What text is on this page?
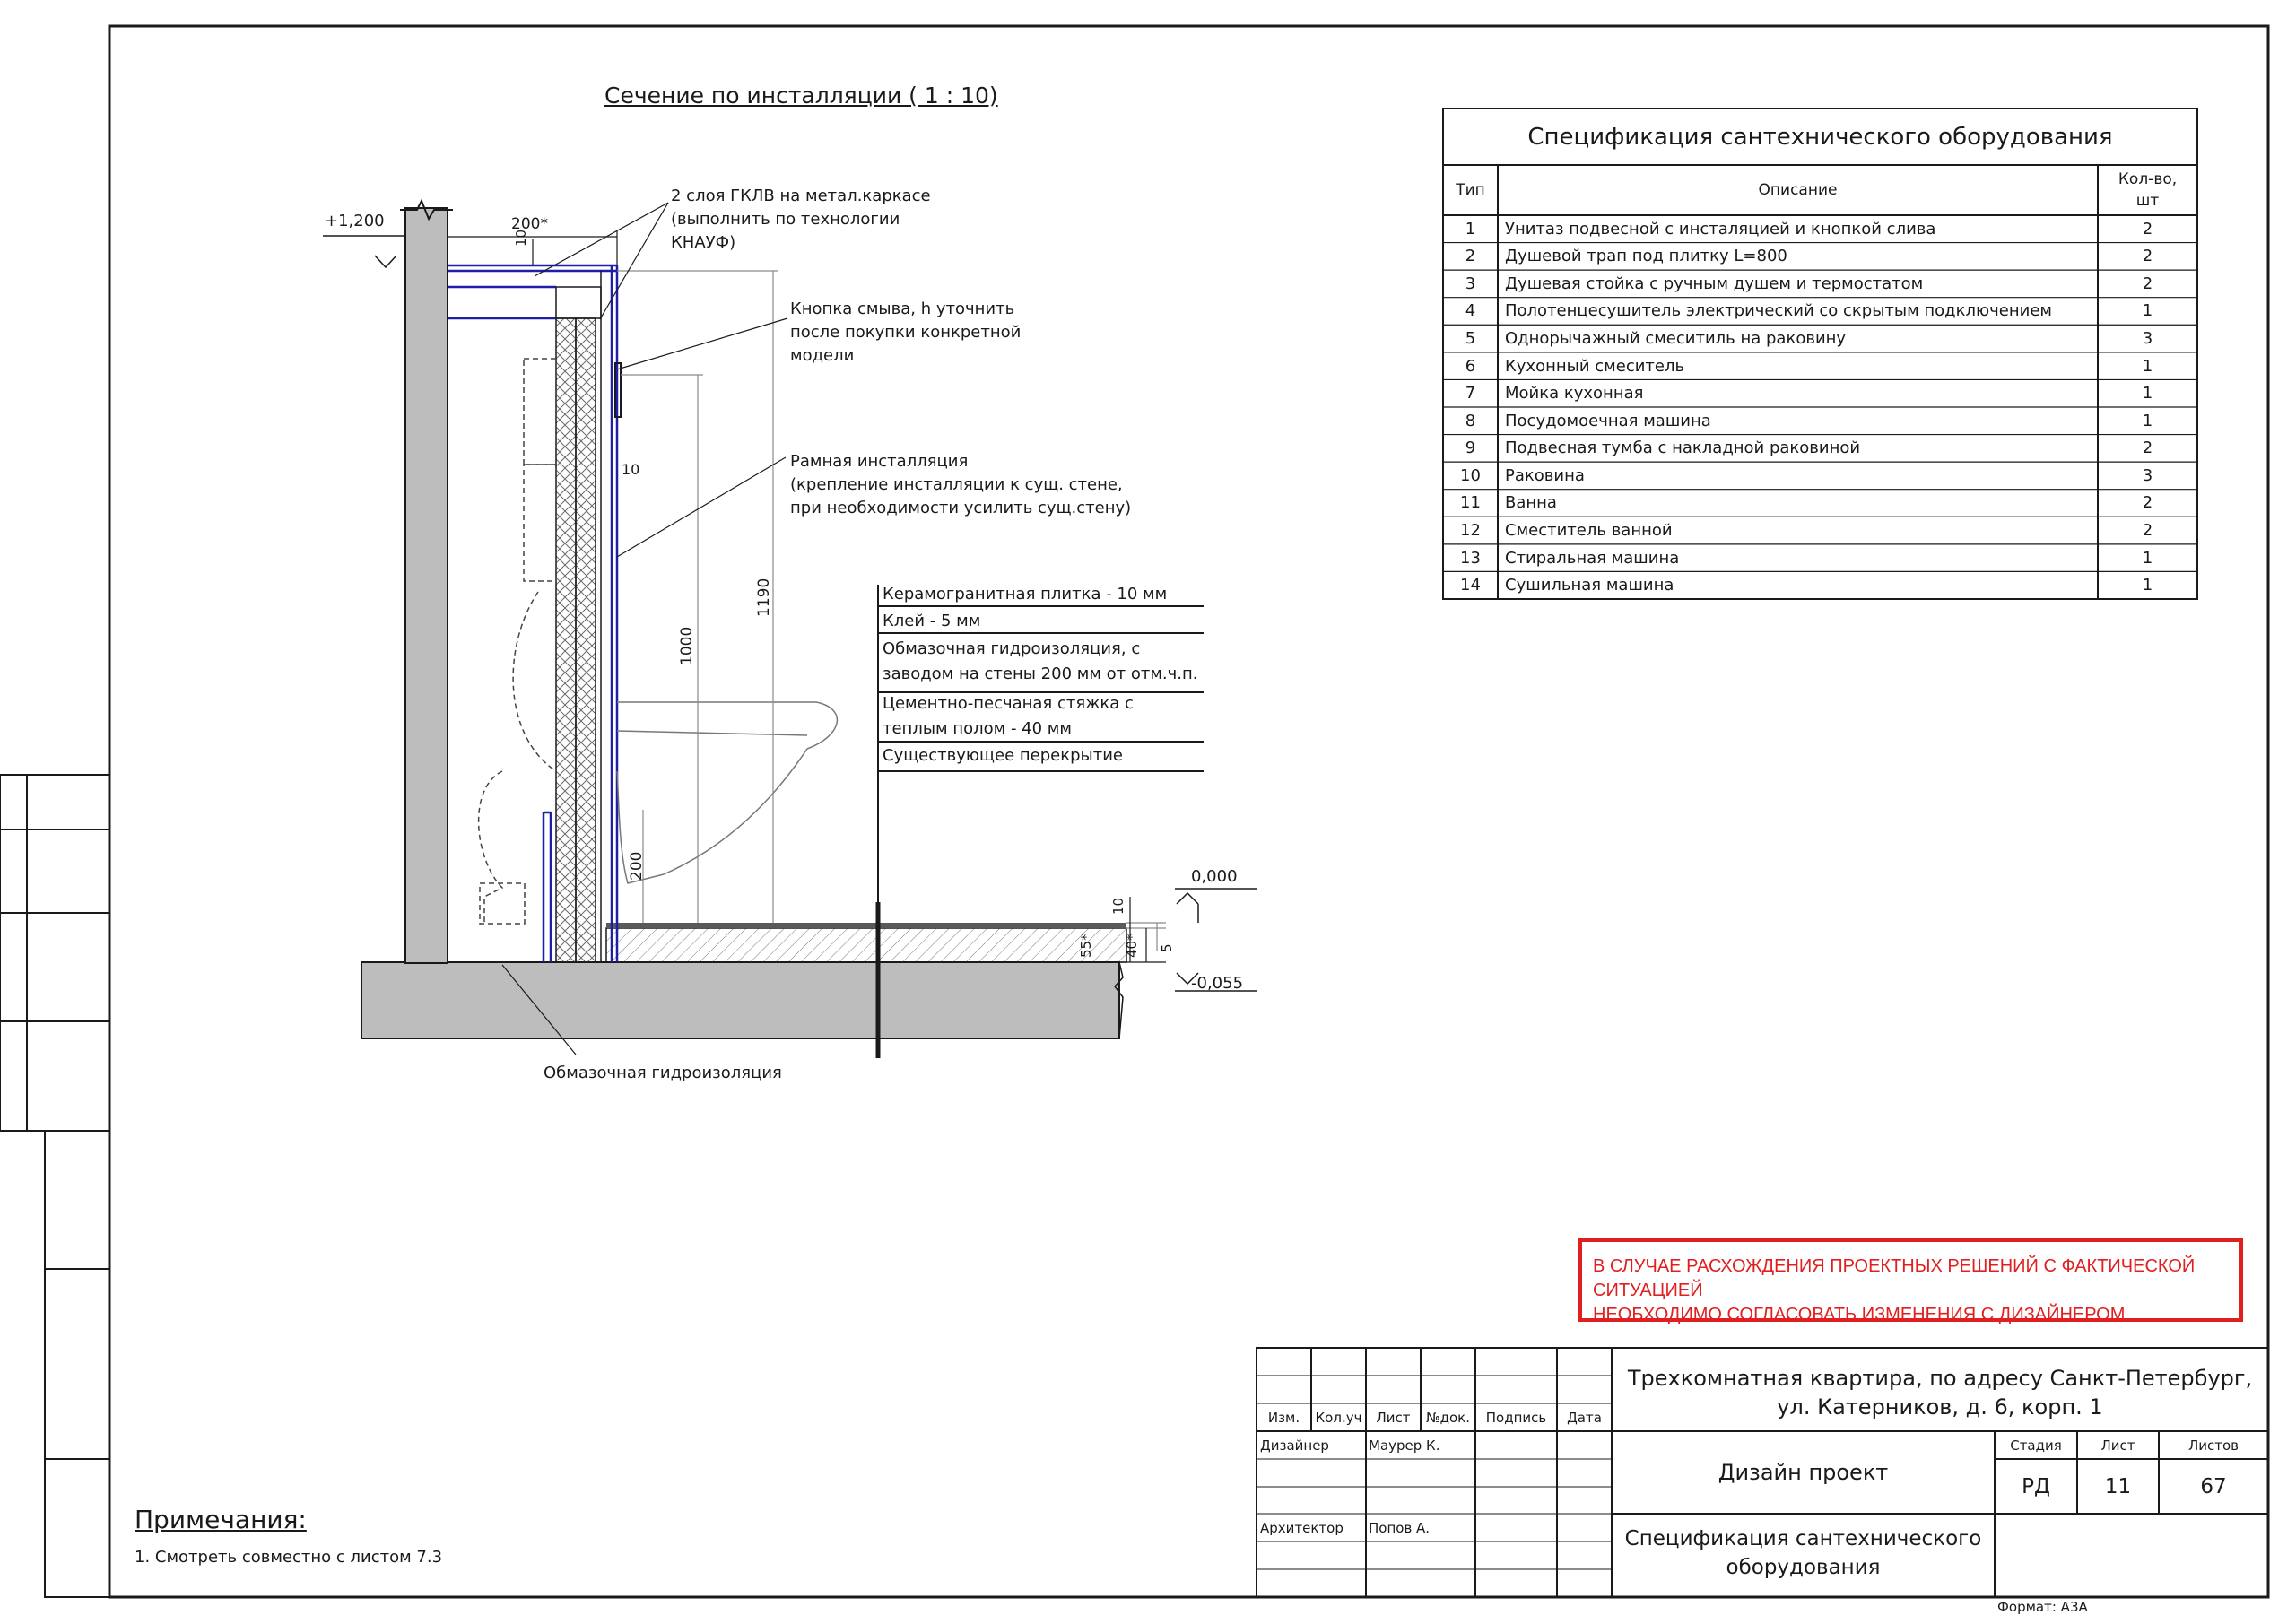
Сечение по инсталляции ( 1 : 10)
+1,200
0,000
-0,055
200*
10
10
1190
1000
200
10
5
55* 40*
2 слоя ГКЛВ на метал.каркасе
(выполнить по технологии
КНАУФ)
Кнопка смыва, h уточнить
после покупки конкретной
модели
Рамная инсталляция
(крепление инсталляции к сущ. стене,
при необходимости усилить сущ.стену)
Обмазочная гидроизоляция
Керамогранитная плитка - 10 мм
Клей - 5 мм
Обмазочная гидроизоляция, с
заводом на стены 200 мм от отм.ч.п.
Цементно-песчаная стяжка с
теплым полом - 40 мм
Существующее перекрытие
Спецификация сантехнического оборудования
Тип	Описание
Кол-во,
шт
1	Унитаз подвесной с инсталяцией и кнопкой слива	2
2	Душевой трап под плитку L=800	2
3	Душевая стойка с ручным душем и термостатом	2
4	Полотенцесушитель электрический со скрытым подключением	1
5	Однорычажный смеситиль на раковину	3
6	Кухонный смеситель	1
7	Мойка кухонная	1
8	Посудомоечная машина	1
9	Подвесная тумба с накладной раковиной	2
10	Раковина	3
11	Ванна	2
12	Сместитель ванной	2
13	Стиральная машина	1
14	Сушильная машина	1
В СЛУЧАЕ РАСХОЖДЕНИЯ ПРОЕКТНЫХ РЕШЕНИЙ С ФАКТИЧЕСКОЙ СИТУАЦИЕЙ
НЕОБХОДИМО СОГЛАСОВАТЬ ИЗМЕНЕНИЯ С ДИЗАЙНЕРОМ
Примечания:
1. Смотреть совместно с листом 7.3
Изм.	Кол.уч	Лист	№док.	Подпись	Дата
Дизайнер	Маурер К.
Архитектор	Попов А.
Трехкомнатная квартира, по адресу Санкт-Петербург,
ул. Катерников, д. 6, корп. 1
Дизайн проект
Спецификация сантехнического
оборудования
Стадия	Лист	Листов
РД	11	67
Формат: А3А
